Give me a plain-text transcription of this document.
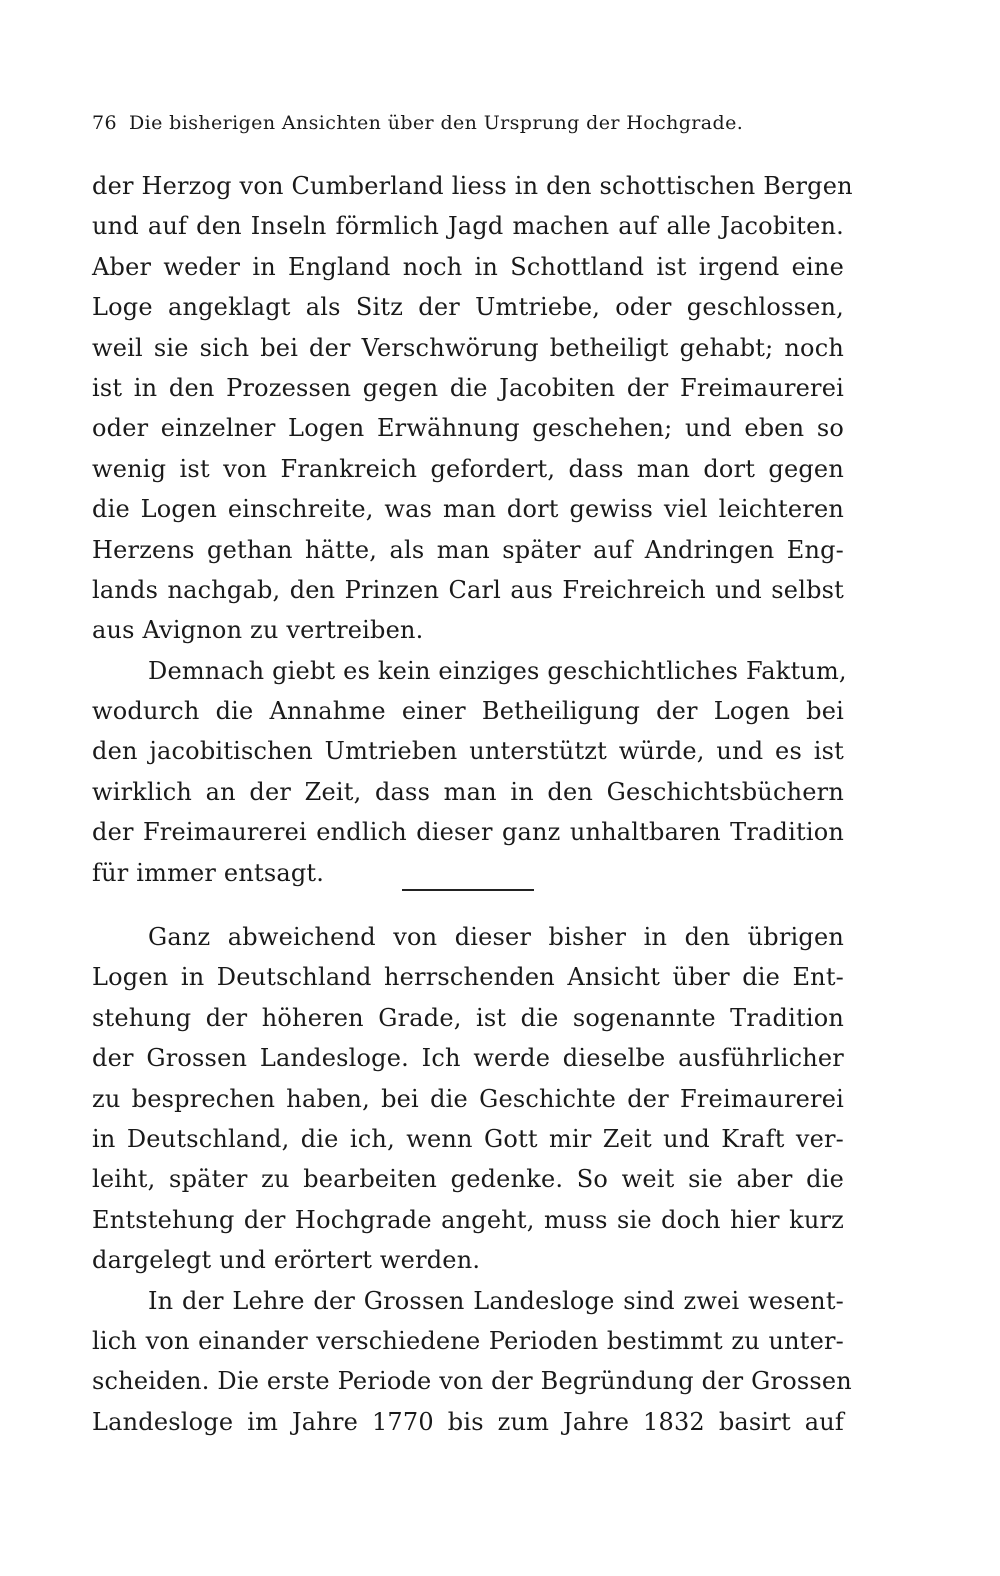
76 Die bisherigen Ansichten über den Ursprung der Hochgrade.
der Herzog von Cumberland liess in den schottischen Bergen
und auf den Inseln förmlich Jagd machen auf alle Jacobiten.
Aber weder in England noch in Schottland ist irgend eine
Loge angeklagt als Sitz der Umtriebe, oder geschlossen,
weil sie sich bei der Verschwörung betheiligt gehabt; noch
ist in den Prozessen gegen die Jacobiten der Freimaurerei
oder einzelner Logen Erwähnung geschehen; und eben so
wenig ist von Frankreich gefordert, dass man dort gegen
die Logen einschreite, was man dort gewiss viel leichteren
Herzens gethan hätte, als man später auf Andringen Eng-
lands nachgab, den Prinzen Carl aus Freichreich und selbst
aus Avignon zu vertreiben.
Demnach giebt es kein einziges geschichtliches Faktum,
wodurch die Annahme einer Betheiligung der Logen bei
den jacobitischen Umtrieben unterstützt würde, und es ist
wirklich an der Zeit, dass man in den Geschichtsbüchern
der Freimaurerei endlich dieser ganz unhaltbaren Tradition
für immer entsagt.
Ganz abweichend von dieser bisher in den übrigen
Logen in Deutschland herrschenden Ansicht über die Ent-
stehung der höheren Grade, ist die sogenannte Tradition
der Grossen Landesloge. Ich werde dieselbe ausführlicher
zu besprechen haben, bei die Geschichte der Freimaurerei
in Deutschland, die ich, wenn Gott mir Zeit und Kraft ver-
leiht, später zu bearbeiten gedenke. So weit sie aber die
Entstehung der Hochgrade angeht, muss sie doch hier kurz
dargelegt und erörtert werden.
In der Lehre der Grossen Landesloge sind zwei wesent-
lich von einander verschiedene Perioden bestimmt zu unter-
scheiden. Die erste Periode von der Begründung der Grossen
Landesloge im Jahre 1770 bis zum Jahre 1832 basirt auf
